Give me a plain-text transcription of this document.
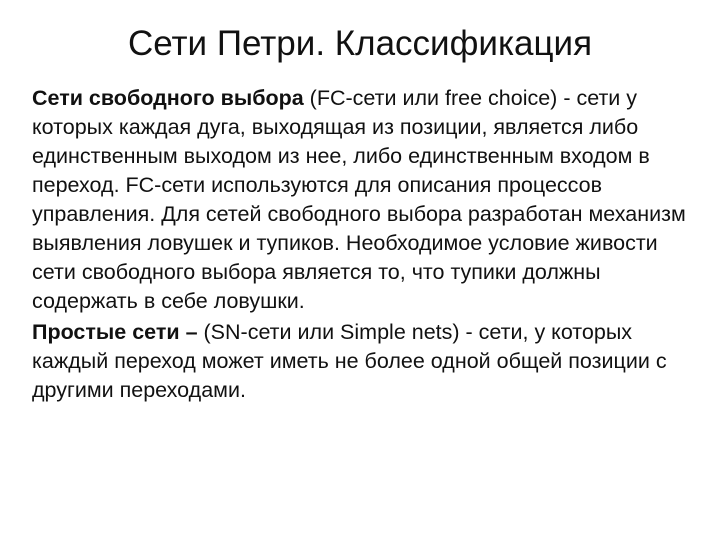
Сети Петри. Классификация

Сети свободного выбора (FC-сети или free choice) - сети у которых каждая дуга, выходящая из позиции, является либо единственным выходом из нее, либо единственным входом в переход. FC-сети используются для описания процессов управления. Для сетей свободного выбора разработан механизм выявления ловушек и тупиков. Необходимое условие живости сети свободного выбора является то, что тупики должны содержать в себе ловушки.

Простые сети – (SN-сети или Simple nets) - сети, у которых каждый переход может иметь не более одной общей позиции с другими переходами.
